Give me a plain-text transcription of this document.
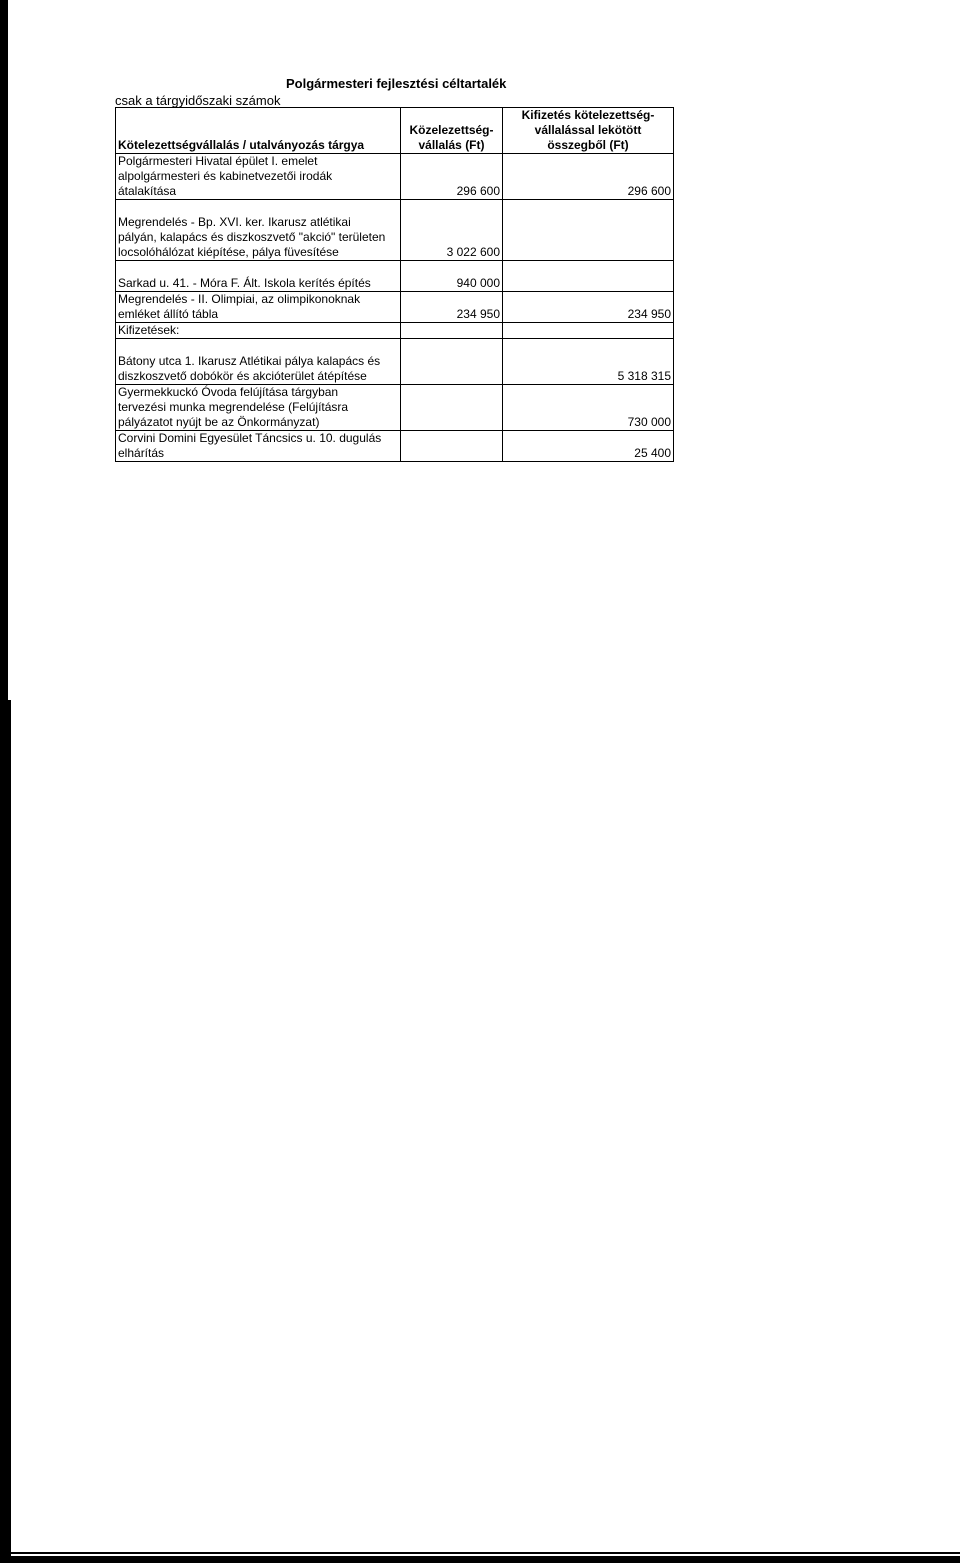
Polgármesteri fejlesztési céltartalék
csak a tárgyidőszaki számok
		Kifizetés kötelezettség-
	Közelezettség-	vállalással lekötött
Kötelezettségvállalás / utalványozás tárgya	vállalás (Ft)	összegből (Ft)
Polgármesteri Hivatal épület I. emelet		
alpolgármesteri és kabinetvezetői irodák		
átalakítása	296 600	296 600

Megrendelés - Bp. XVI. ker. Ikarusz atlétikai		
pályán, kalapács és diszkoszvető "akció" területen		
locsolóhálózat kiépítése, pálya füvesítése	3 022 600	

Sarkad u. 41. - Móra F. Ált. Iskola kerítés építés	940 000	
Megrendelés - II. Olimpiai, az olimpikonoknak		
emléket állító tábla	234 950	234 950
Kifizetések:		

Bátony utca 1. Ikarusz Atlétikai pálya kalapács és		
diszkoszvető dobókör és akcióterület átépítése		5 318 315
Gyermekkuckó Óvoda felújítása tárgyban		
tervezési munka megrendelése (Felújításra		
pályázatot nyújt be az Önkormányzat)		730 000
Corvini Domini Egyesület Táncsics u. 10. dugulás		
elhárítás		25 400
